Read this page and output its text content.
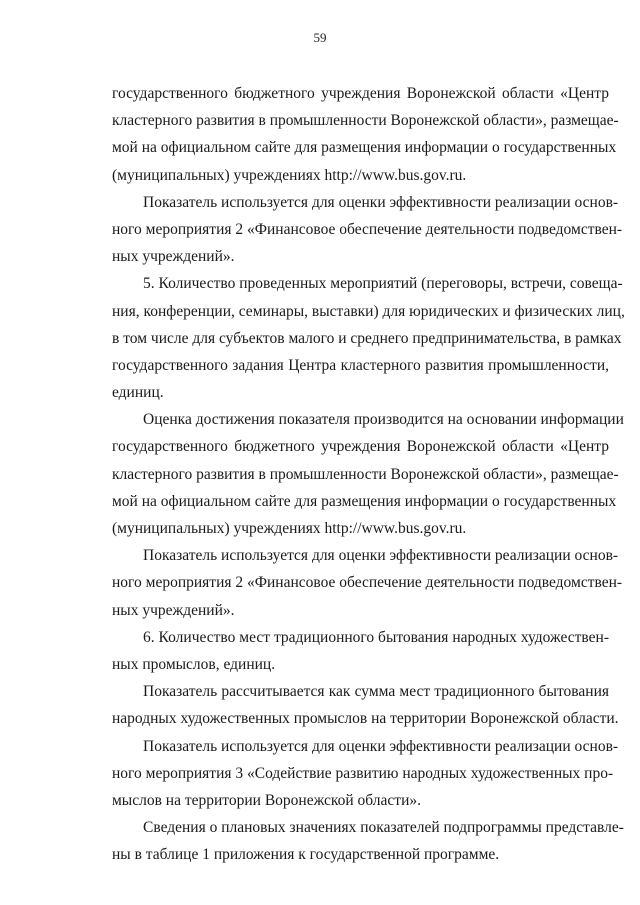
59
государственного бюджетного учреждения Воронежской области «Центр
кластерного развития в промышленности Воронежской области», размещае-
мой на официальном сайте для размещения информации о государственных
(муниципальных) учреждениях http://www.bus.gov.ru.
Показатель используется для оценки эффективности реализации основ-
ного мероприятия 2 «Финансовое обеспечение деятельности подведомствен-
ных учреждений».
5. Количество проведенных мероприятий (переговоры, встречи, совеща-
ния, конференции, семинары, выставки) для юридических и физических лиц,
в том числе для субъектов малого и среднего предпринимательства, в рамках
государственного задания Центра кластерного развития промышленности,
единиц.
Оценка достижения показателя производится на основании информации
государственного бюджетного учреждения Воронежской области «Центр
кластерного развития в промышленности Воронежской области», размещае-
мой на официальном сайте для размещения информации о государственных
(муниципальных) учреждениях http://www.bus.gov.ru.
Показатель используется для оценки эффективности реализации основ-
ного мероприятия 2 «Финансовое обеспечение деятельности подведомствен-
ных учреждений».
6. Количество мест традиционного бытования народных художествен-
ных промыслов, единиц.
Показатель рассчитывается как сумма мест традиционного бытования
народных художественных промыслов на территории Воронежской области.
Показатель используется для оценки эффективности реализации основ-
ного мероприятия 3 «Содействие развитию народных художественных про-
мыслов на территории Воронежской области».
Сведения о плановых значениях показателей подпрограммы представле-
ны в таблице 1 приложения к государственной программе.
